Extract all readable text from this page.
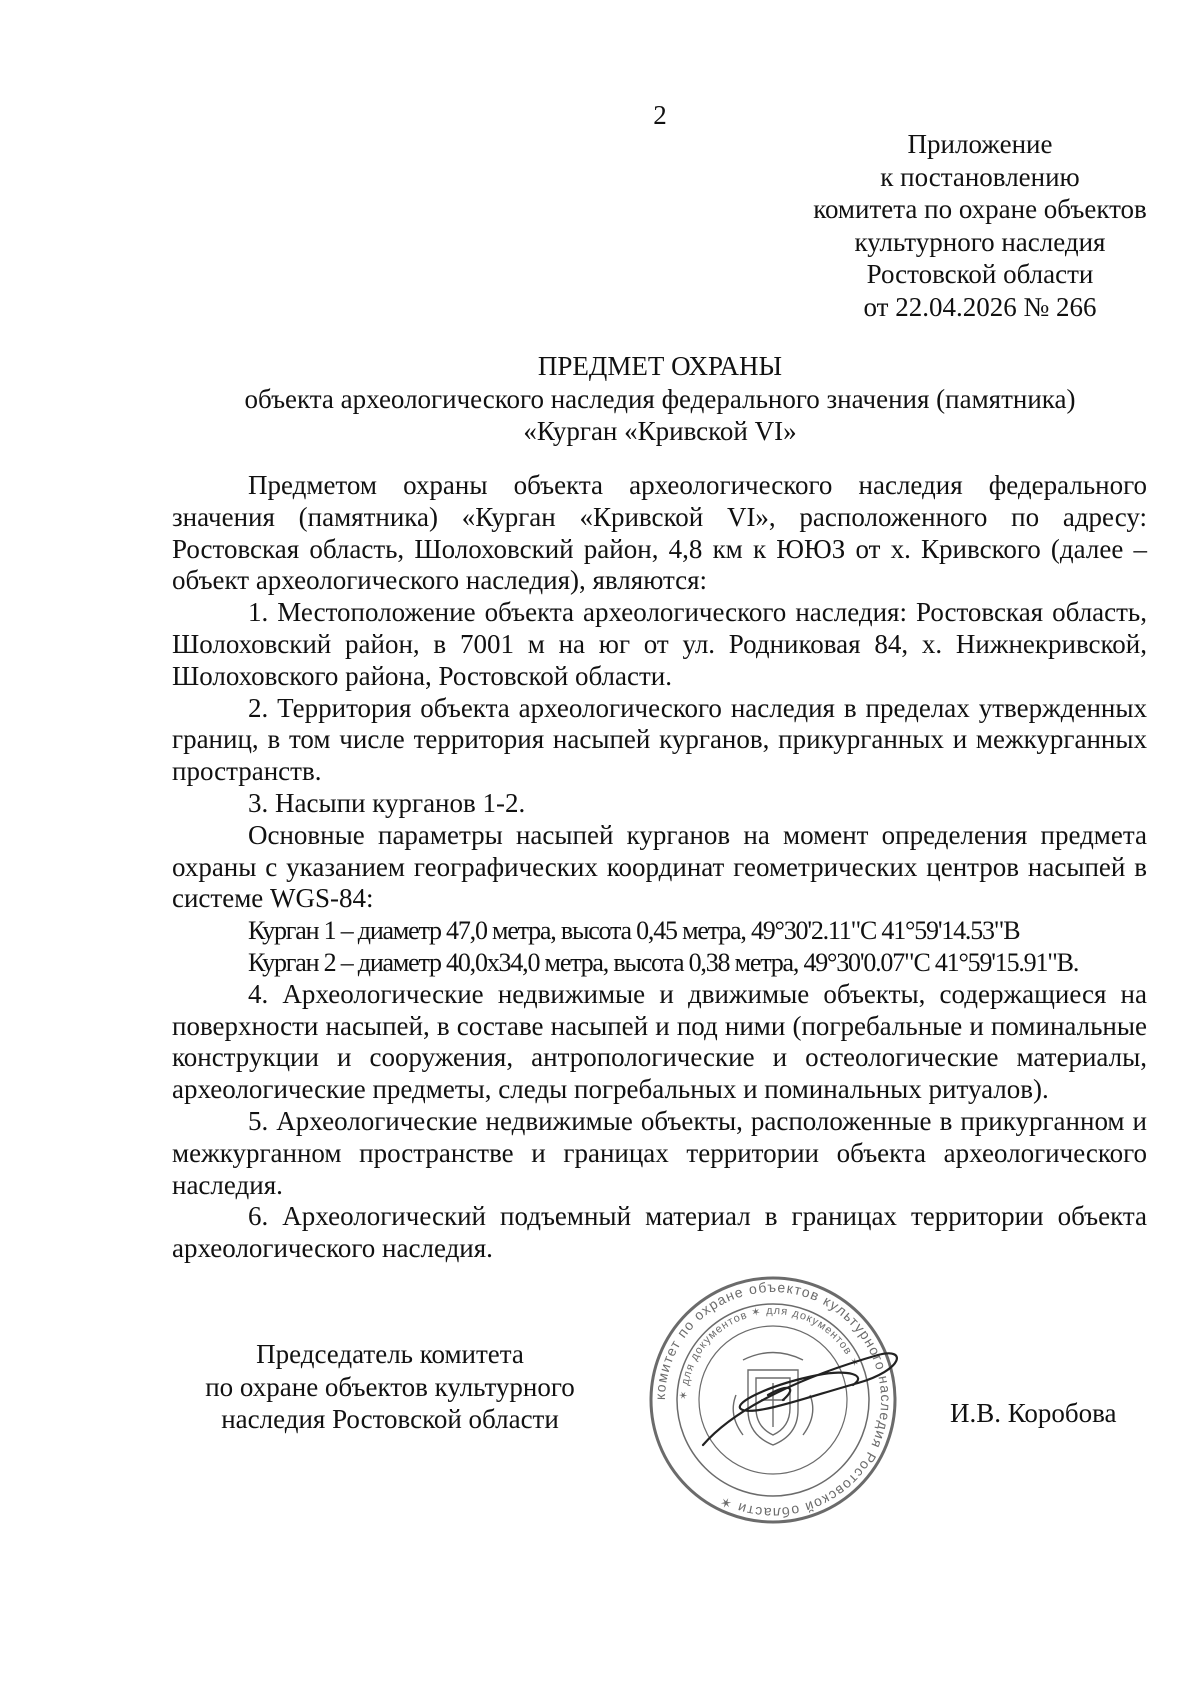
2
Приложение
к постановлению
комитета по охране объектов
культурного наследия
Ростовской области
от 22.04.2026 № 266
ПРЕДМЕТ ОХРАНЫ
объекта археологического наследия федерального значения (памятника)
«Курган «Кривской VI»

Предметом охраны объекта археологического наследия федерального значения (памятника) «Курган «Кривской VI», расположенного по адресу: Ростовская область, Шолоховский район, 4,8 км к ЮЮЗ от х. Кривского (далее – объект археологического наследия), являются:

1. Местоположение объекта археологического наследия: Ростовская область, Шолоховский район, в 7001 м на юг от ул. Родниковая 84, х. Нижнекривской, Шолоховского района, Ростовской области.

2. Территория объекта археологического наследия в пределах утвержденных границ, в том числе территория насыпей курганов, прикурганных и межкурганных пространств.

3. Насыпи курганов 1-2.

Основные параметры насыпей курганов на момент определения предмета охраны с указанием географических координат геометрических центров насыпей в системе WGS-84:

Курган 1 – диаметр 47,0 метра, высота 0,45 метра, 49°30'2.11"С 41°59'14.53"В

Курган 2 – диаметр 40,0х34,0 метра, высота 0,38 метра, 49°30'0.07"С 41°59'15.91"В.

4. Археологические недвижимые и движимые объекты, содержащиеся на поверхности насыпей, в составе насыпей и под ними (погребальные и поминальные конструкции и сооружения, антропологические и остеологические материалы, археологические предметы, следы погребальных и поминальных ритуалов).

5. Археологические недвижимые объекты, расположенные в прикурганном и межкурганном пространстве и границах территории объекта археологического наследия.

6. Археологический подъемный материал в границах территории объекта археологического наследия.

Председатель комитета
по охране объектов культурного
наследия Ростовской области
комитет по охране объектов культурного наследия Ростовской области ✶
✶ для документов ✶ для документов ✶
И.В. Коробова
